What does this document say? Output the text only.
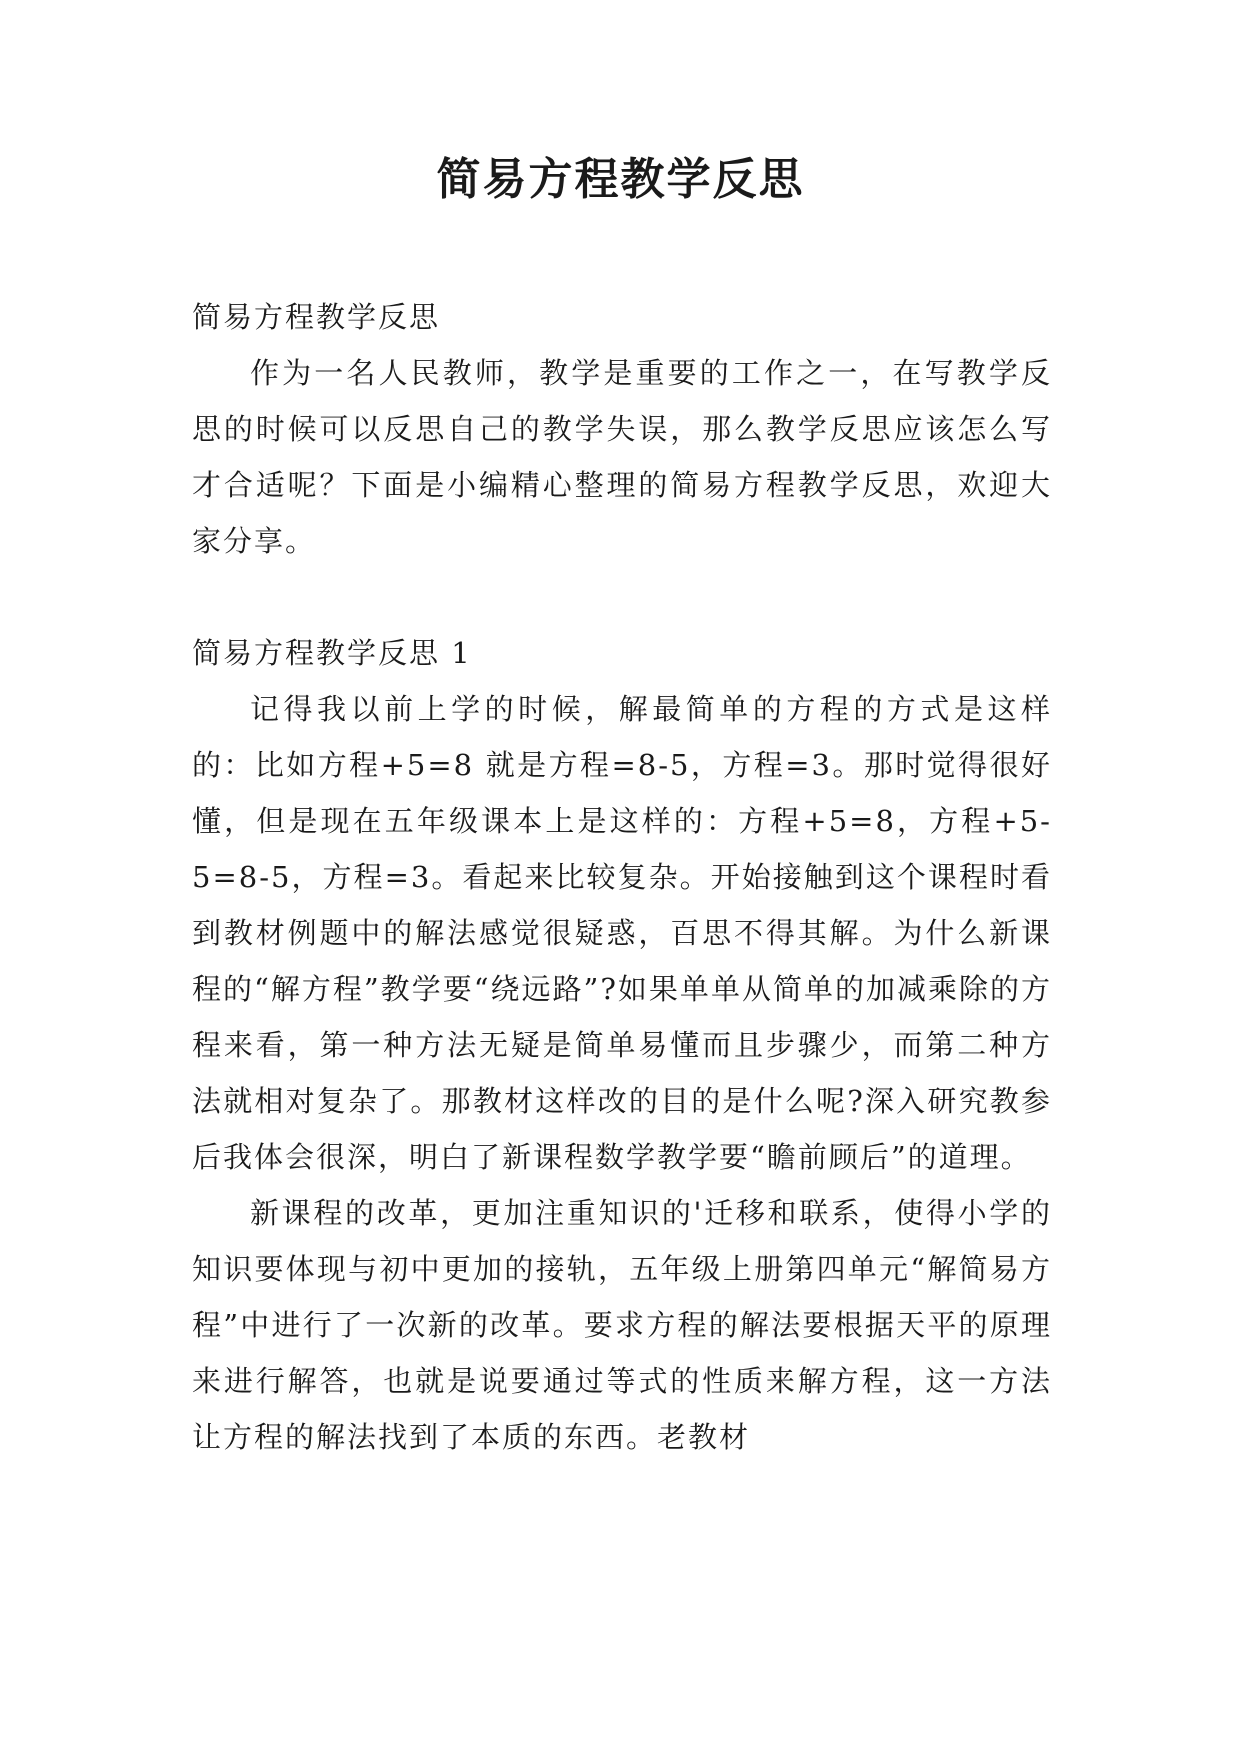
简易方程教学反思

简易方程教学反思

作为一名人民教师，教学是重要的工作之一，在写教学反思的时候可以反思自己的教学失误，那么教学反思应该怎么写才合适呢？下面是小编精心整理的简易方程教学反思，欢迎大家分享。

简易方程教学反思 1

记得我以前上学的时候，解最简单的方程的方式是这样的：比如方程+5=8 就是方程=8-5，方程=3。那时觉得很好懂，但是现在五年级课本上是这样的：方程+5=8，方程+5-5=8-5，方程=3。看起来比较复杂。开始接触到这个课程时看到教材例题中的解法感觉很疑惑，百思不得其解。为什么新课程的“解方程”教学要“绕远路”?如果单单从简单的加减乘除的方程来看，第一种方法无疑是简单易懂而且步骤少，而第二种方法就相对复杂了。那教材这样改的目的是什么呢?深入研究教参后我体会很深，明白了新课程数学教学要“瞻前顾后”的道理。

新课程的改革，更加注重知识的'迁移和联系，使得小学的知识要体现与初中更加的接轨，五年级上册第四单元“解简易方程”中进行了一次新的改革。要求方程的解法要根据天平的原理来进行解答，也就是说要通过等式的性质来解方程，这一方法让方程的解法找到了本质的东西。老教材
